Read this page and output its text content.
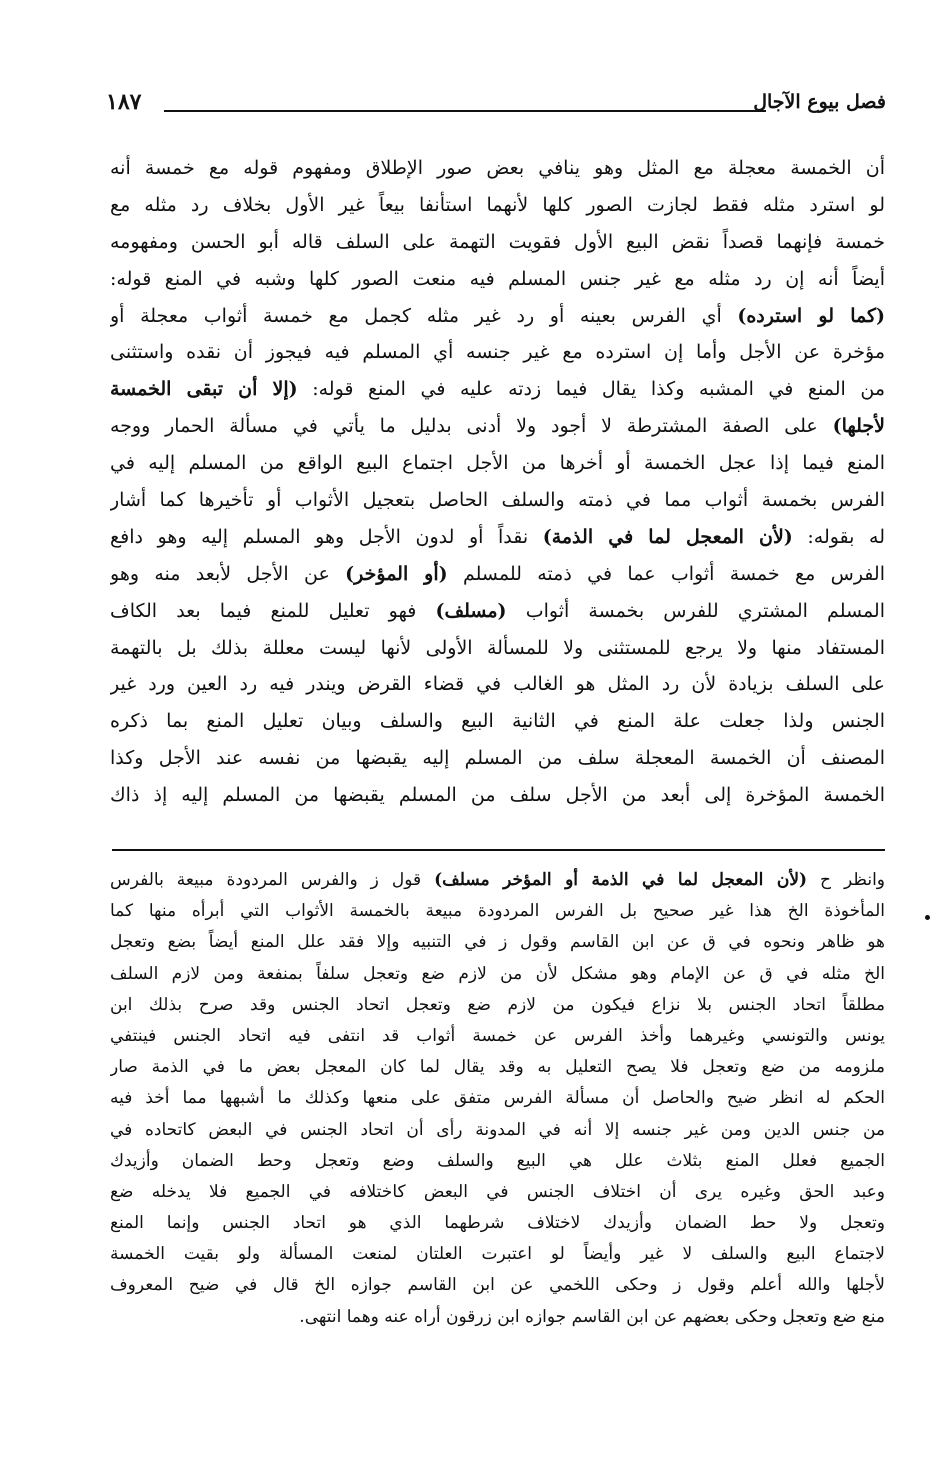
فصل بيوع الآجال
١٨٧
أن الخمسة معجلة مع المثل وهو ينافي بعض صور الإطلاق ومفهوم قوله مع خمسة أنه
لو استرد مثله فقط لجازت الصور كلها لأنهما استأنفا بيعاً غير الأول بخلاف رد مثله مع
خمسة فإنهما قصداً نقض البيع الأول فقويت التهمة على السلف قاله أبو الحسن ومفهومه
أيضاً أنه إن رد مثله مع غير جنس المسلم فيه منعت الصور كلها وشبه في المنع قوله:
(كما لو استرده) أي الفرس بعينه أو رد غير مثله كجمل مع خمسة أثواب معجلة أو
مؤخرة عن الأجل وأما إن استرده مع غير جنسه أي المسلم فيه فيجوز أن نقده واستثنى
من المنع في المشبه وكذا يقال فيما زدته عليه في المنع قوله: (إلا أن تبقى الخمسة
لأجلها) على الصفة المشترطة لا أجود ولا أدنى بدليل ما يأتي في مسألة الحمار ووجه
المنع فيما إذا عجل الخمسة أو أخرها من الأجل اجتماع البيع الواقع من المسلم إليه في
الفرس بخمسة أثواب مما في ذمته والسلف الحاصل بتعجيل الأثواب أو تأخيرها كما أشار
له بقوله: (لأن المعجل لما في الذمة) نقداً أو لدون الأجل وهو المسلم إليه وهو دافع
الفرس مع خمسة أثواب عما في ذمته للمسلم (أو المؤخر) عن الأجل لأبعد منه وهو
المسلم المشتري للفرس بخمسة أثواب (مسلف) فهو تعليل للمنع فيما بعد الكاف
المستفاد منها ولا يرجع للمستثنى ولا للمسألة الأولى لأنها ليست معللة بذلك بل بالتهمة
على السلف بزيادة لأن رد المثل هو الغالب في قضاء القرض ويندر فيه رد العين ورد غير
الجنس ولذا جعلت علة المنع في الثانية البيع والسلف وبيان تعليل المنع بما ذكره
المصنف أن الخمسة المعجلة سلف من المسلم إليه يقبضها من نفسه عند الأجل وكذا
الخمسة المؤخرة إلى أبعد من الأجل سلف من المسلم يقبضها من المسلم إليه إذ ذاك
وانظر ح (لأن المعجل لما في الذمة أو المؤخر مسلف) قول ز والفرس المردودة مبيعة بالفرس
المأخوذة الخ هذا غير صحيح بل الفرس المردودة مبيعة بالخمسة الأثواب التي أبرأه منها كما
هو ظاهر ونحوه في ق عن ابن القاسم وقول ز في التنبيه وإلا فقد علل المنع أيضاً بضع وتعجل
الخ مثله في ق عن الإمام وهو مشكل لأن من لازم ضع وتعجل سلفاً بمنفعة ومن لازم السلف
مطلقاً اتحاد الجنس بلا نزاع فيكون من لازم ضع وتعجل اتحاد الجنس وقد صرح بذلك ابن
يونس والتونسي وغيرهما وأخذ الفرس عن خمسة أثواب قد انتفى فيه اتحاد الجنس فينتفي
ملزومه من ضع وتعجل فلا يصح التعليل به وقد يقال لما كان المعجل بعض ما في الذمة صار
الحكم له انظر ضيح والحاصل أن مسألة الفرس متفق على منعها وكذلك ما أشبهها مما أخذ فيه
من جنس الدين ومن غير جنسه إلا أنه في المدونة رأى أن اتحاد الجنس في البعض كاتحاده في
الجميع فعلل المنع بثلاث علل هي البيع والسلف وضع وتعجل وحط الضمان وأزيدك
وعبد الحق وغيره يرى أن اختلاف الجنس في البعض كاختلافه في الجميع فلا يدخله ضع
وتعجل ولا حط الضمان وأزيدك لاختلاف شرطهما الذي هو اتحاد الجنس وإنما المنع
لاجتماع البيع والسلف لا غير وأيضاً لو اعتبرت العلتان لمنعت المسألة ولو بقيت الخمسة
لأجلها والله أعلم وقول ز وحكى اللخمي عن ابن القاسم جوازه الخ قال في ضيح المعروف
منع ضع وتعجل وحكى بعضهم عن ابن القاسم جوازه ابن زرقون أراه عنه وهما انتهى.
